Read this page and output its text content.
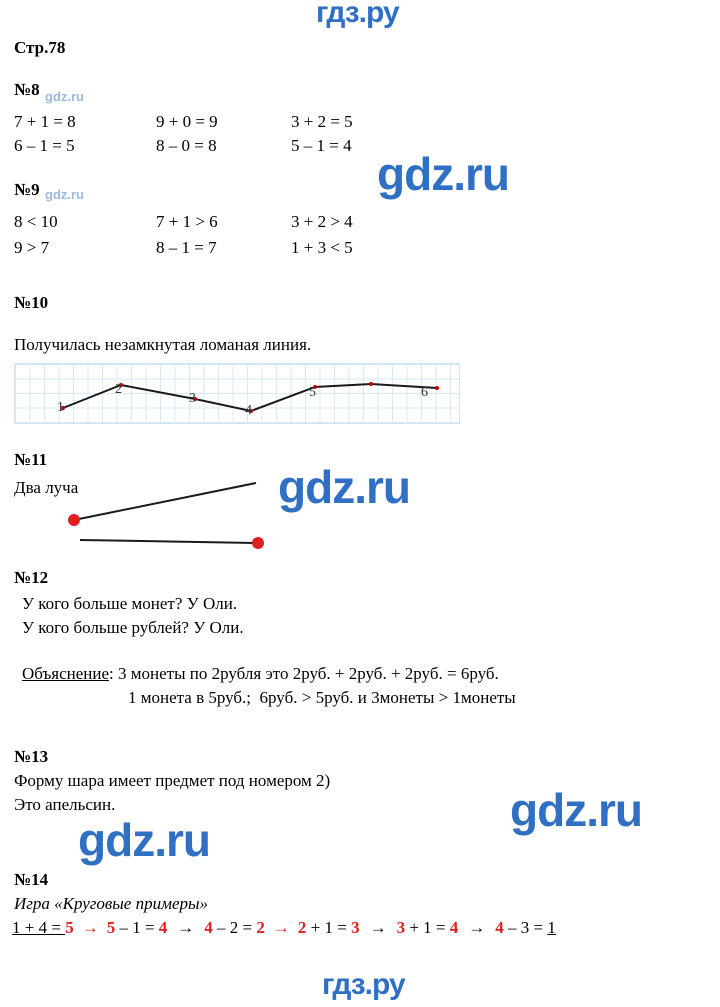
гдз.ру
gdz.ru
gdz.ru
gdz.ru
gdz.ru
гдз.ру
gdz.ru
gdz.ru
Стр.78
№8
7 + 1 = 8	9 + 0 = 9	3 + 2 = 5
6 – 1 = 5	8 – 0 = 8	5 – 1 = 4
№9
8 < 10	7 + 1 > 6	3 + 2 > 4
9 > 7	8 – 1 = 7	1 + 3 < 5
№10
Получилась незамкнутая ломаная линия.
1
2
3
4
5	6
№11
Два луча
№12
У кого больше монет? У Оли.
У кого больше рублей? У Оли.
Объяснение: 3 монеты по 2рубля это 2руб. + 2руб. + 2руб. = 6руб.
1 монета в 5руб.;  6руб. > 5руб. и 3монеты > 1монеты
№13
Форму шара имеет предмет под номером 2)
Это апельсин.
№14
Игра «Круговые примеры»
1 + 4 = 5 → 5 – 1 = 4 → 4 – 2 = 2 → 2 + 1 = 3 → 3 + 1 = 4 → 4 – 3 = 1
